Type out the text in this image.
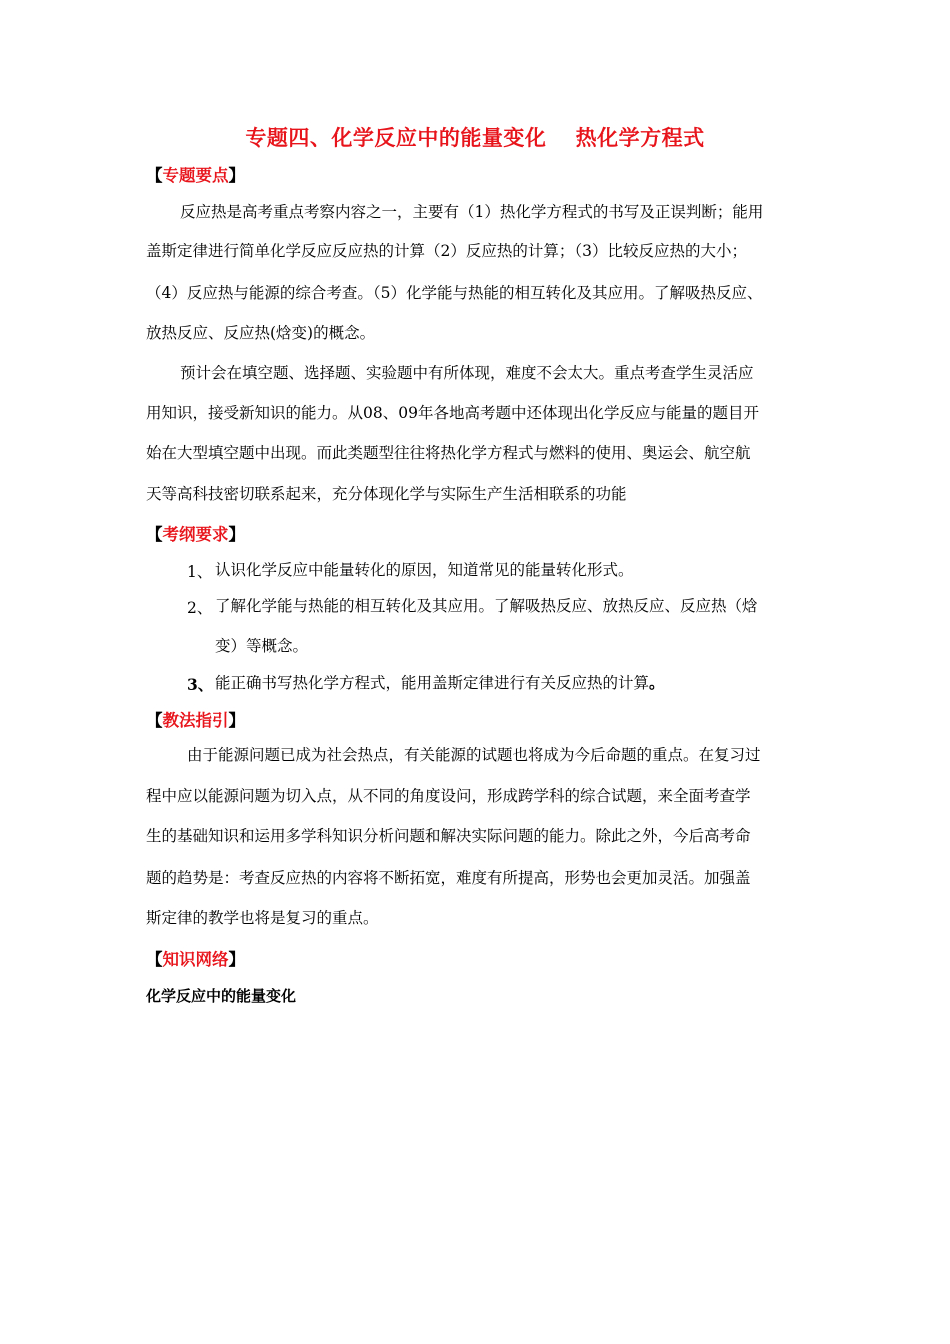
专题四、化学反应中的能量变化　 热化学方程式
【专题要点】
反应热是高考重点考察内容之一，主要有（1）热化学方程式的书写及正误判断；能用
盖斯定律进行简单化学反应反应热的计算（2）反应热的计算；（3）比较反应热的大小；
（4）反应热与能源的综合考查。（5）化学能与热能的相互转化及其应用。了解吸热反应、
放热反应、反应热(焓变)的概念。
预计会在填空题、选择题、实验题中有所体现，难度不会太大。重点考查学生灵活应
用知识，接受新知识的能力。从08、09年各地高考题中还体现出化学反应与能量的题目开
始在大型填空题中出现。而此类题型往往将热化学方程式与燃料的使用、奥运会、航空航
天等高科技密切联系起来，充分体现化学与实际生产生活相联系的功能
【考纲要求】
1、 认识化学反应中能量转化的原因，知道常见的能量转化形式。
2、 了解化学能与热能的相互转化及其应用。了解吸热反应、放热反应、反应热（焓
变）等概念。
3、 能正确书写热化学方程式，能用盖斯定律进行有关反应热的计算。
【教法指引】
由于能源问题已成为社会热点，有关能源的试题也将成为今后命题的重点。在复习过
程中应以能源问题为切入点，从不同的角度设问，形成跨学科的综合试题，来全面考查学
生的基础知识和运用多学科知识分析问题和解决实际问题的能力。除此之外，今后高考命
题的趋势是：考查反应热的内容将不断拓宽，难度有所提高，形势也会更加灵活。加强盖
斯定律的教学也将是复习的重点。
【知识网络】
化学反应中的能量变化
